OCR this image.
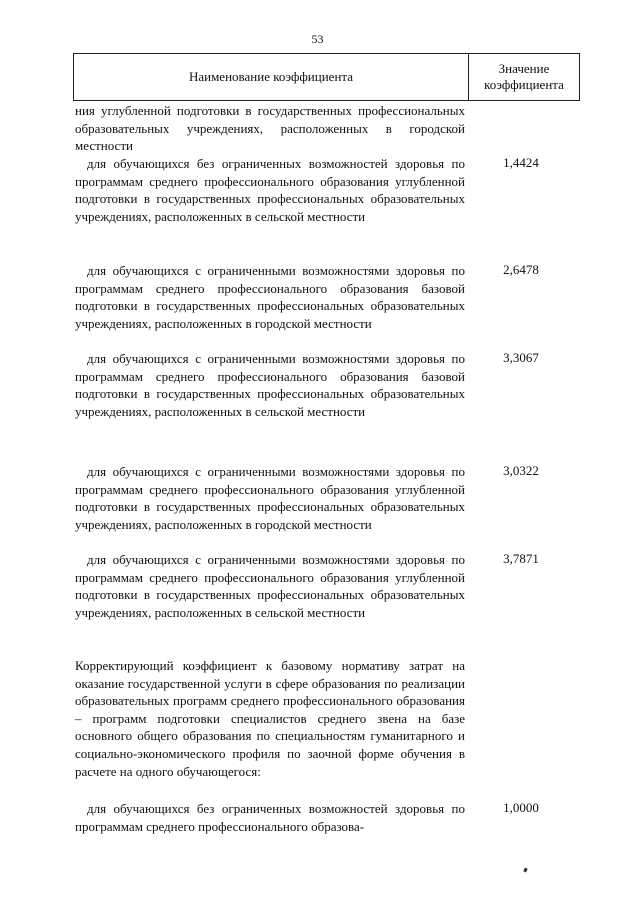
53
Наименование коэффициента
Значение
коэффициента

ния углубленной подготовки в государственных профессиональных образовательных учреждениях, расположенных в городской местности

для обучающихся без ограниченных возможностей здоровья по программам среднего профессионального образования углубленной подготовки в государственных профессиональных образовательных учреждениях, расположенных в сельской местности

1,4424

для обучающихся с ограниченными возможностями здоровья по программам среднего профессионального образования базовой подготовки в государственных профессиональных образовательных учреждениях, расположенных в городской местности

2,6478

для обучающихся с ограниченными возможностями здоровья по программам среднего профессионального образования базовой подготовки в государственных профессиональных образовательных учреждениях, расположенных в сельской местности

3,3067

для обучающихся с ограниченными возможностями здоровья по программам среднего профессионального образования углубленной подготовки в государственных профессиональных образовательных учреждениях, расположенных в городской местности

3,0322

для обучающихся с ограниченными возможностями здоровья по программам среднего профессионального образования углубленной подготовки в государственных профессиональных образовательных учреждениях, расположенных в сельской местности

3,7871

Корректирующий коэффициент к базовому нормативу затрат на оказание государственной услуги в сфере образования по реализации образовательных программ среднего профессионального образования – программ подготовки специалистов среднего звена на базе основного общего образования по специальностям гуманитарного и социально-экономического профиля по заочной форме обучения в расчете на одного обучающегося:

для обучающихся без ограниченных возможностей здоровья по программам среднего профессионального образова-

1,0000
